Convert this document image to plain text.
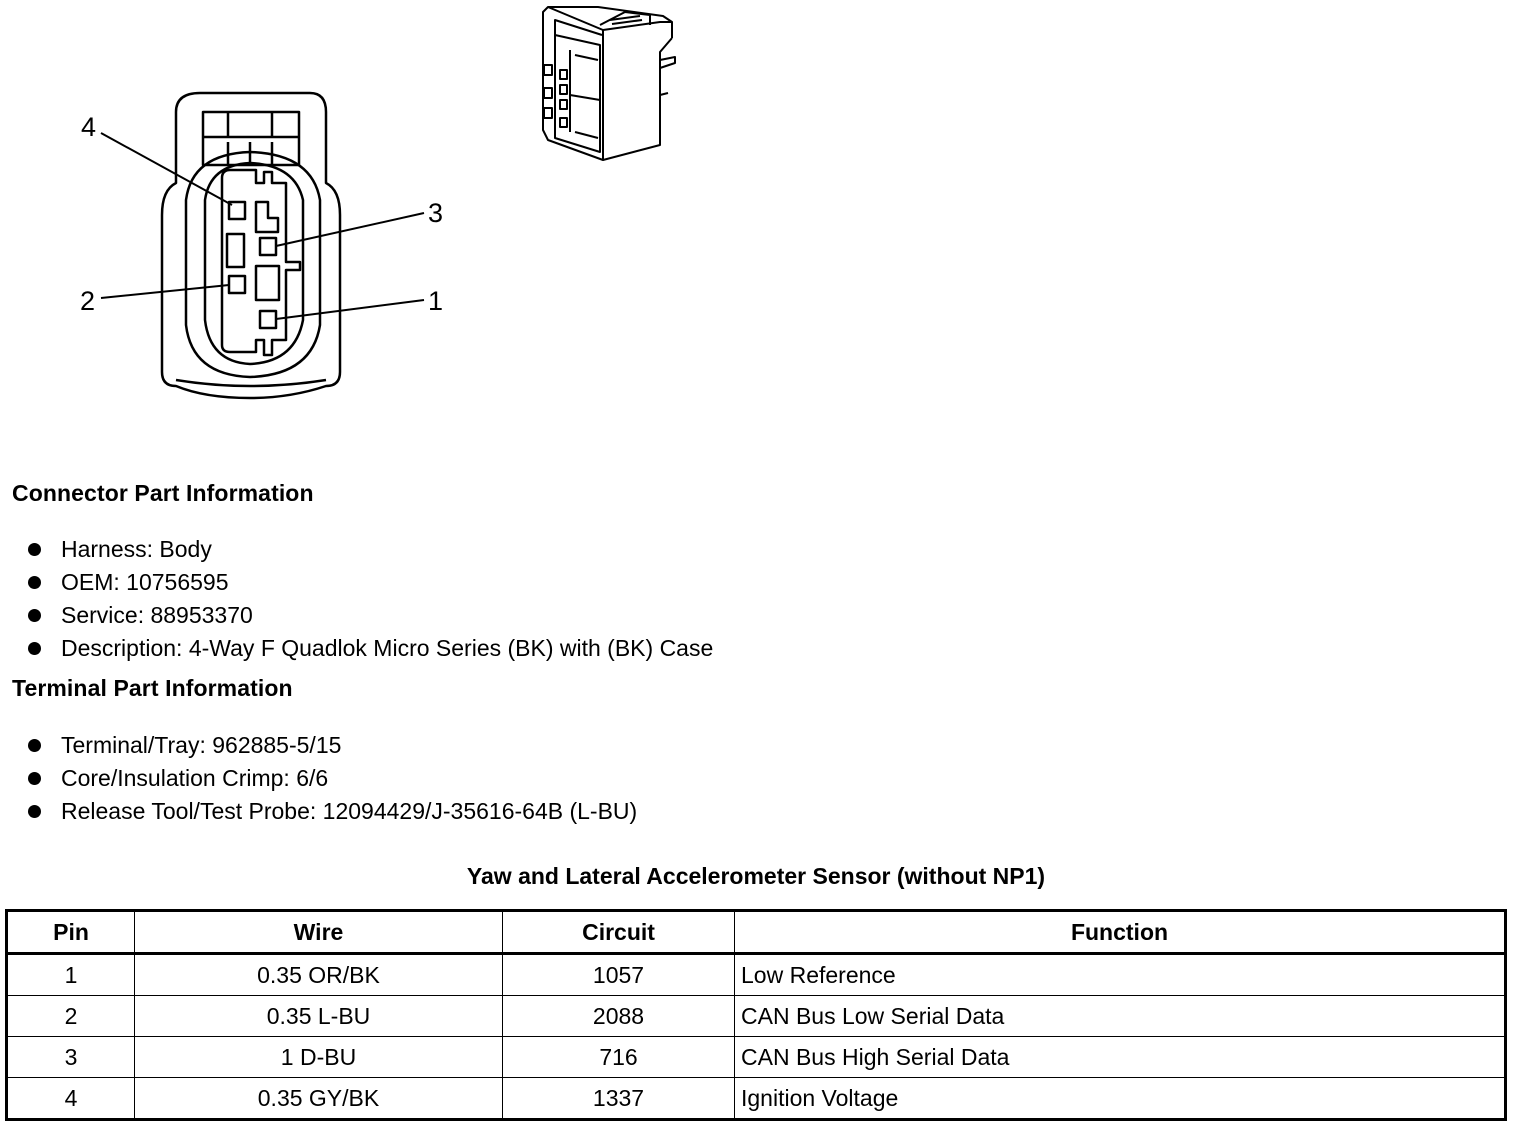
4
3
2	1
Connector Part Information
Harness: Body
OEM: 10756595
Service: 88953370
Description: 4-Way F Quadlok Micro Series (BK) with (BK) Case
Terminal Part Information
Terminal/Tray: 962885-5/15
Core/Insulation Crimp: 6/6
Release Tool/Test Probe: 12094429/J-35616-64B (L-BU)
Yaw and Lateral Accelerometer Sensor (without NP1)
Pin	Wire	Circuit	Function
1	0.35 OR/BK	1057	Low Reference
2	0.35 L-BU	2088	CAN Bus Low Serial Data
3	1 D-BU	716	CAN Bus High Serial Data
4	0.35 GY/BK	1337	Ignition Voltage
